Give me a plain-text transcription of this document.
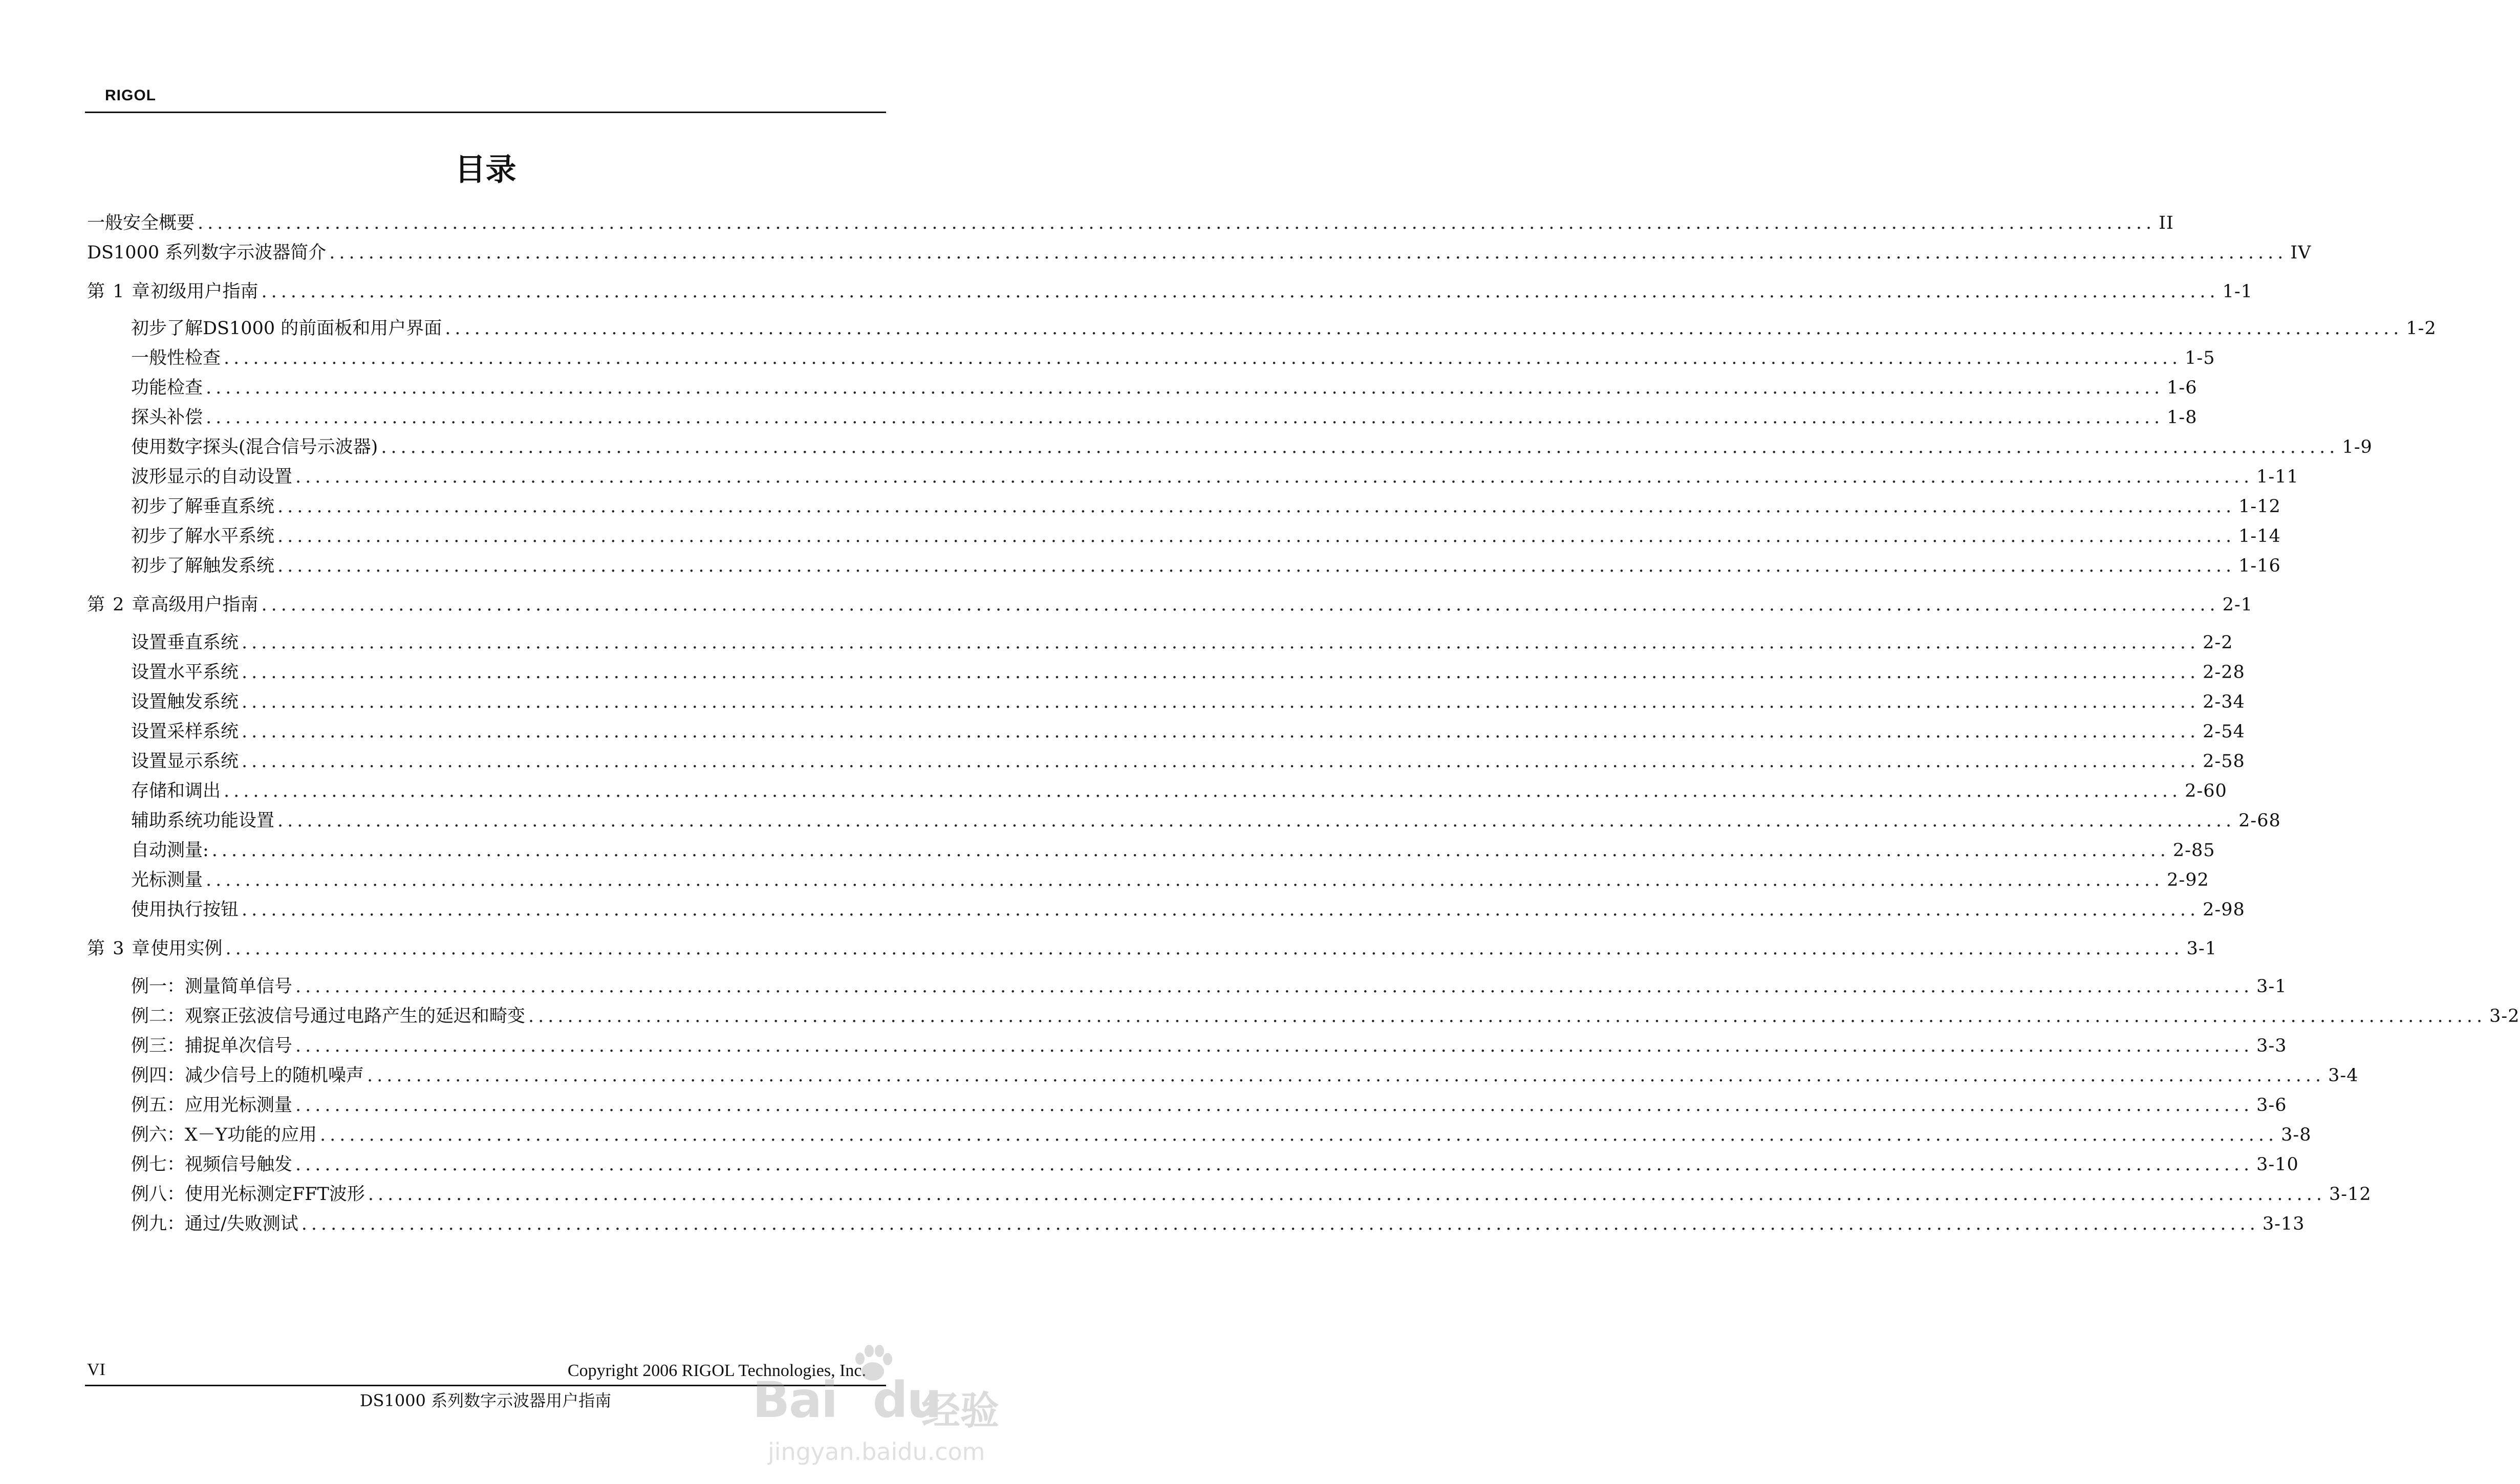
RIGOL
目录
一般安全概要 ........................................................................................................................................................................................................ II
DS1000 系列数字示波器简介 ........................................................................................................................................................................................................ IV
第 1 章 初级用户指南 ........................................................................................................................................................................................................ 1-1
初步了解DS1000 的前面板和用户界面 ........................................................................................................................................................................................................ 1-2
一般性检查 ........................................................................................................................................................................................................ 1-5
功能检查 ........................................................................................................................................................................................................ 1-6
探头补偿 ........................................................................................................................................................................................................ 1-8
使用数字探头(混合信号示波器) ........................................................................................................................................................................................................ 1-9
波形显示的自动设置 ........................................................................................................................................................................................................ 1-11
初步了解垂直系统 ........................................................................................................................................................................................................ 1-12
初步了解水平系统 ........................................................................................................................................................................................................ 1-14
初步了解触发系统 ........................................................................................................................................................................................................ 1-16
第 2 章 高级用户指南 ........................................................................................................................................................................................................ 2-1
设置垂直系统 ........................................................................................................................................................................................................ 2-2
设置水平系统 ........................................................................................................................................................................................................ 2-28
设置触发系统 ........................................................................................................................................................................................................ 2-34
设置采样系统 ........................................................................................................................................................................................................ 2-54
设置显示系统 ........................................................................................................................................................................................................ 2-58
存储和调出 ........................................................................................................................................................................................................ 2-60
辅助系统功能设置 ........................................................................................................................................................................................................ 2-68
自动测量: ........................................................................................................................................................................................................ 2-85
光标测量 ........................................................................................................................................................................................................ 2-92
使用执行按钮 ........................................................................................................................................................................................................ 2-98
第 3 章 使用实例 ........................................................................................................................................................................................................ 3-1
例一：测量简单信号 ........................................................................................................................................................................................................ 3-1
例二：观察正弦波信号通过电路产生的延迟和畸变 ........................................................................................................................................................................................................ 3-2
例三：捕捉单次信号 ........................................................................................................................................................................................................ 3-3
例四：减少信号上的随机噪声 ........................................................................................................................................................................................................ 3-4
例五：应用光标测量 ........................................................................................................................................................................................................ 3-6
例六：X－Y功能的应用 ........................................................................................................................................................................................................ 3-8
例七：视频信号触发 ........................................................................................................................................................................................................ 3-10
例八：使用光标测定FFT波形 ........................................................................................................................................................................................................ 3-12
例九：通过/失败测试 ........................................................................................................................................................................................................ 3-13
VI	Copyright 2006 RIGOL Technologies, Inc.
DS1000 系列数字示波器用户指南	Bai du
经验
jingyan.baidu.com
